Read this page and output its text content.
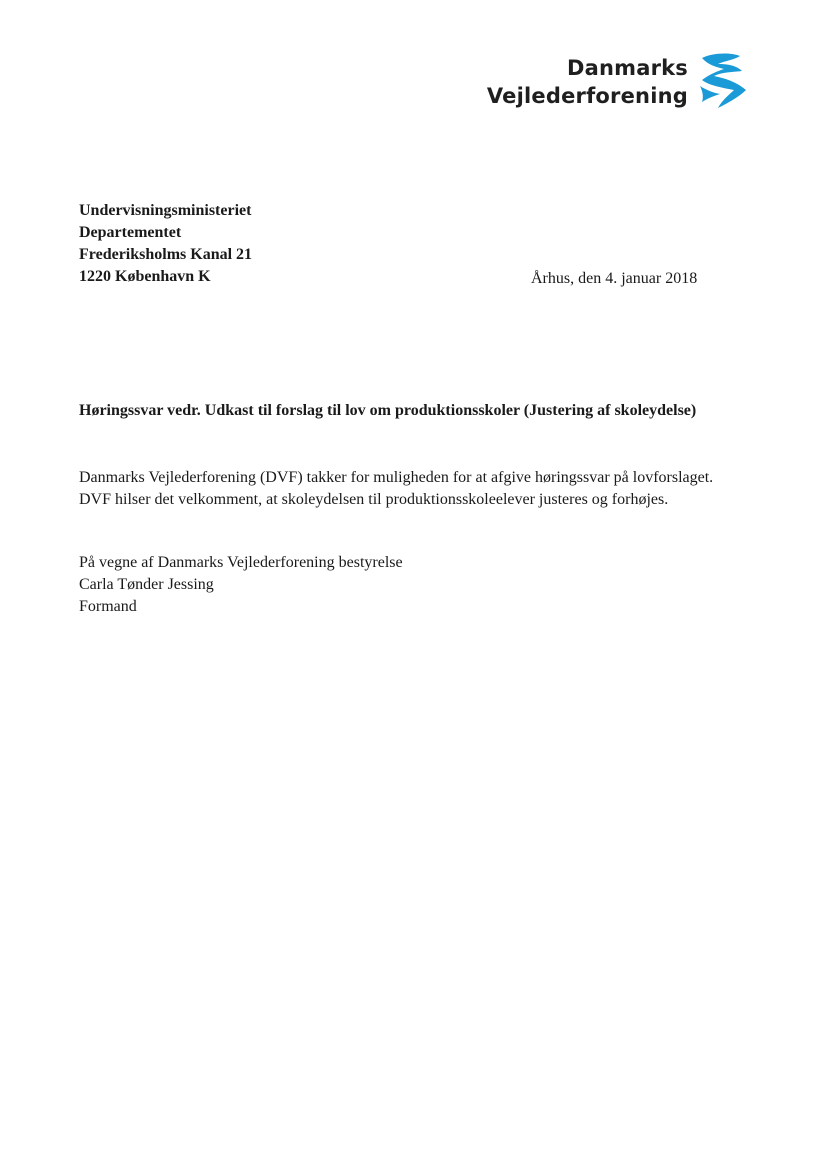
Danmarks
Vejlederforening
Undervisningsministeriet
Departementet
Frederiksholms Kanal 21
1220 København K	Århus, den 4. januar 2018
Høringssvar vedr. Udkast til forslag til lov om produktionsskoler (Justering af skoleydelse)
Danmarks Vejlederforening (DVF) takker for muligheden for at afgive høringssvar på lovforslaget.
DVF hilser det velkomment, at skoleydelsen til produktionsskoleelever justeres og forhøjes.
På vegne af Danmarks Vejlederforening bestyrelse
Carla Tønder Jessing
Formand
